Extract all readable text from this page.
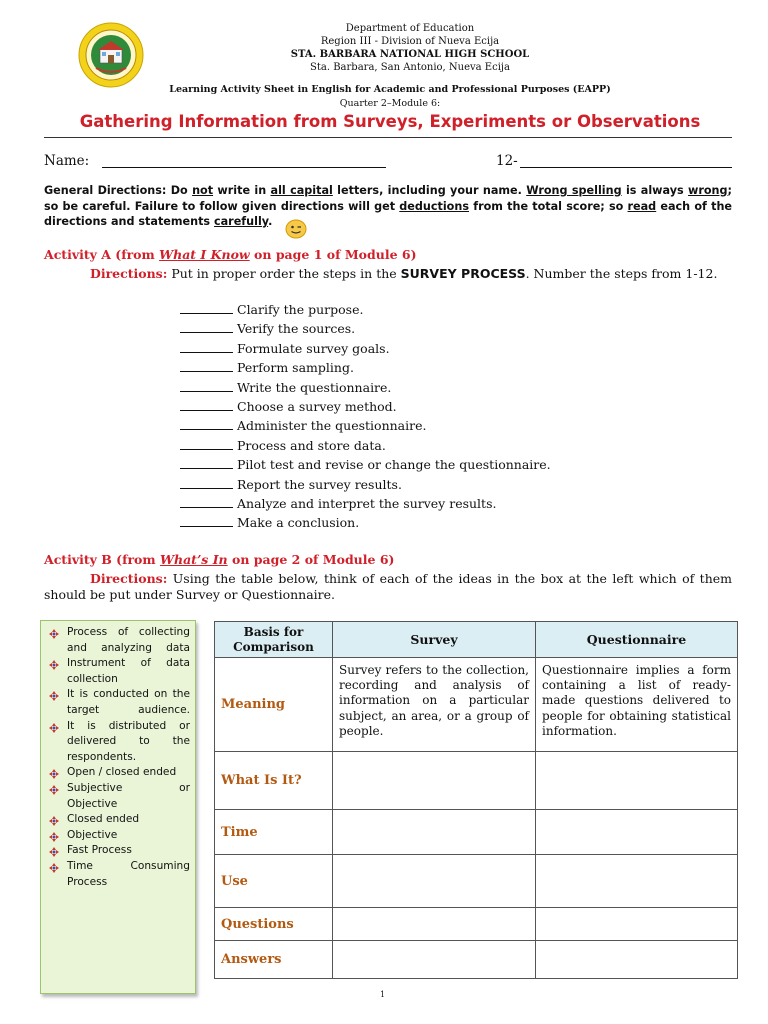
Department of Education
Region III - Division of Nueva Ecija
STA. BARBARA NATIONAL HIGH SCHOOL
Sta. Barbara, San Antonio, Nueva Ecija
Learning Activity Sheet in English for Academic and Professional Purposes (EAPP)
Quarter 2–Module 6:
Gathering Information from Surveys, Experiments or Observations
Name:	12-
General Directions: Do not write in all capital letters, including your name. Wrong spelling is always wrong; so be careful. Failure to follow given directions will get deductions from the total score; so read each of the directions and statements carefully.
Activity A (from What I Know on page 1 of Module 6)
Directions: Put in proper order the steps in the SURVEY PROCESS. Number the steps from 1-12.
Clarify the purpose.
Verify the sources.
Formulate survey goals.
Perform sampling.
Write the questionnaire.
Choose a survey method.
Administer the questionnaire.
Process and store data.
Pilot test and revise or change the questionnaire.
Report the survey results.
Analyze and interpret the survey results.
Make a conclusion.
Activity B (from What’s In on page 2 of Module 6)
Directions: Using the table below, think of each of the ideas in the box at the left which of them should be put under Survey or Questionnaire.
Process of collecting and analyzing data
Instrument of data collection
It is conducted on the target audience.
It is distributed or delivered to the respondents.
Open / closed ended
Subjective or Objective
Closed ended
Objective
Fast Process
Time Consuming Process
Basis for Comparison	Survey	Questionnaire
Meaning	Survey refers to the collection, recording and analysis of information on a particular subject, an area, or a group of people.	Questionnaire implies a form containing a list of ready-made questions delivered to people for obtaining statistical information.
What Is It?		
Time		
Use		
Questions		
Answers		
1
